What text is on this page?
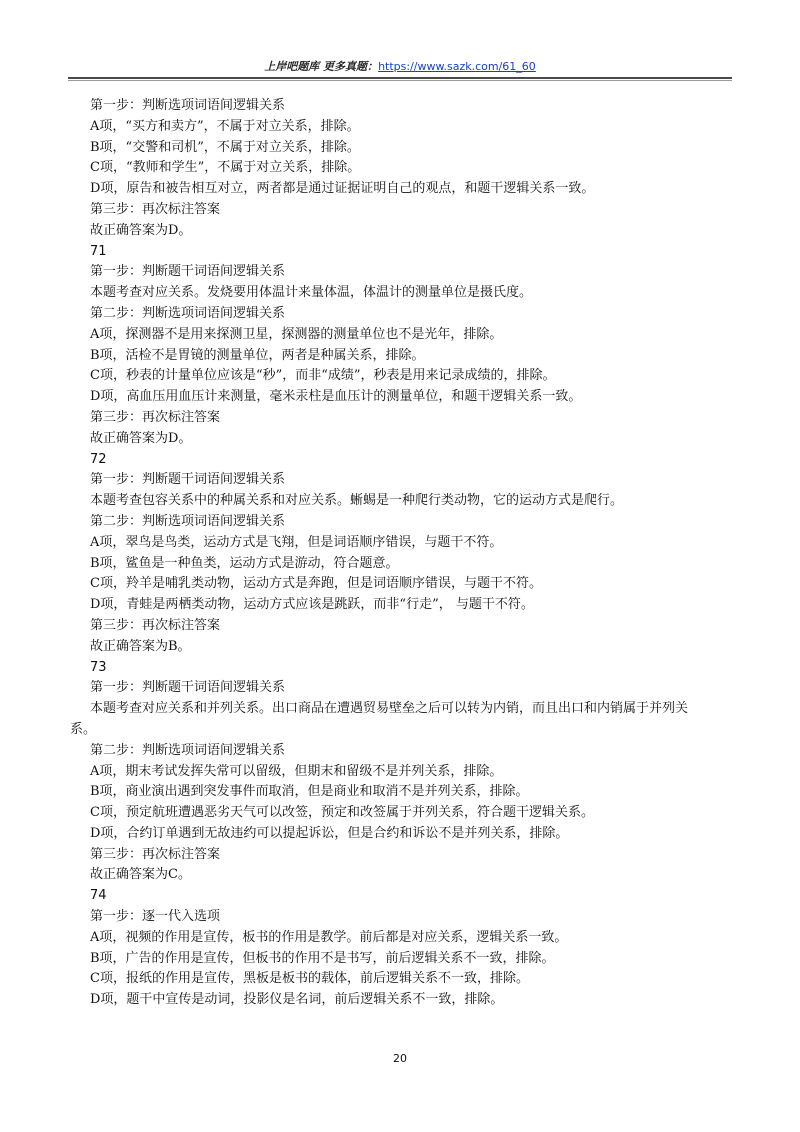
上岸吧题库 更多真题：https://www.sazk.com/61_60
第一步：判断选项词语间逻辑关系
A项，“买方和卖方”，不属于对立关系，排除。
B项，“交警和司机”，不属于对立关系，排除。
C项，“教师和学生”，不属于对立关系，排除。
D项，原告和被告相互对立，两者都是通过证据证明自己的观点，和题干逻辑关系一致。
第三步：再次标注答案
故正确答案为D。
71
第一步：判断题干词语间逻辑关系
本题考查对应关系。发烧要用体温计来量体温，体温计的测量单位是摄氏度。
第二步：判断选项词语间逻辑关系
A项，探测器不是用来探测卫星，探测器的测量单位也不是光年，排除。
B项，活检不是胃镜的测量单位，两者是种属关系，排除。
C项，秒表的计量单位应该是“秒”，而非“成绩”，秒表是用来记录成绩的，排除。
D项，高血压用血压计来测量，毫米汞柱是血压计的测量单位，和题干逻辑关系一致。
第三步：再次标注答案
故正确答案为D。
72
第一步：判断题干词语间逻辑关系
本题考查包容关系中的种属关系和对应关系。蜥蜴是一种爬行类动物，它的运动方式是爬行。
第二步：判断选项词语间逻辑关系
A项，翠鸟是鸟类，运动方式是飞翔，但是词语顺序错误，与题干不符。
B项，鲨鱼是一种鱼类，运动方式是游动，符合题意。
C项，羚羊是哺乳类动物，运动方式是奔跑，但是词语顺序错误，与题干不符。
D项，青蛙是两栖类动物，运动方式应该是跳跃，而非“行走”， 与题干不符。
第三步：再次标注答案
故正确答案为B。
73
第一步：判断题干词语间逻辑关系
本题考查对应关系和并列关系。出口商品在遭遇贸易壁垒之后可以转为内销，而且出口和内销属于并列关
系。
第二步：判断选项词语间逻辑关系
A项，期末考试发挥失常可以留级，但期末和留级不是并列关系，排除。
B项，商业演出遇到突发事件而取消，但是商业和取消不是并列关系，排除。
C项，预定航班遭遇恶劣天气可以改签，预定和改签属于并列关系，符合题干逻辑关系。
D项，合约订单遇到无故违约可以提起诉讼，但是合约和诉讼不是并列关系，排除。
第三步：再次标注答案
故正确答案为C。
74
第一步：逐一代入选项
A项，视频的作用是宣传，板书的作用是教学。前后都是对应关系，逻辑关系一致。
B项，广告的作用是宣传，但板书的作用不是书写，前后逻辑关系不一致，排除。
C项，报纸的作用是宣传，黑板是板书的载体，前后逻辑关系不一致，排除。
D项，题干中宣传是动词，投影仪是名词，前后逻辑关系不一致，排除。
20
